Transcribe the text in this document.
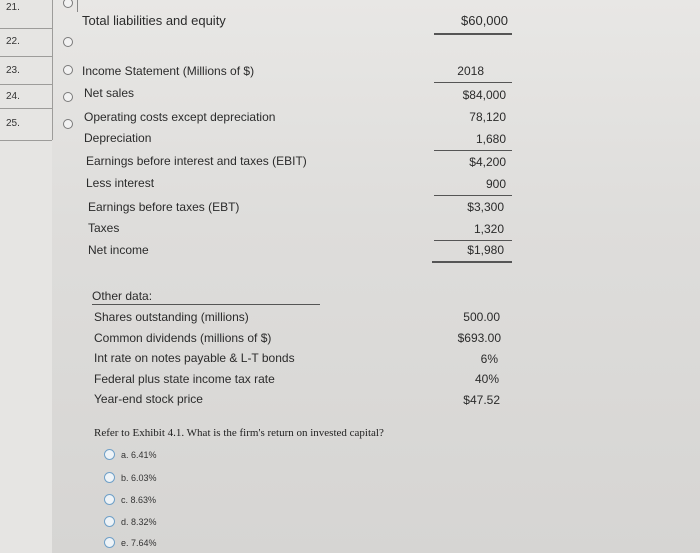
21.
22.
23.
24.
25.
Total liabilities and equity	$60,000
Income Statement (Millions of $)	2018
Net sales	$84,000
Operating costs except depreciation	78,120
Depreciation	1,680
Earnings before interest and taxes (EBIT)	$4,200
Less interest	900
Earnings before taxes (EBT)	$3,300
Taxes	1,320
Net income	$1,980
Other data:
Shares outstanding (millions)	500.00
Common dividends (millions of $)	$693.00
Int rate on notes payable & L-T bonds	6%
Federal plus state income tax rate	40%
Year-end stock price	$47.52
Refer to Exhibit 4.1. What is the firm's return on invested capital?
a. 6.41%
b. 6.03%
c. 8.63%
d. 8.32%
e. 7.64%
